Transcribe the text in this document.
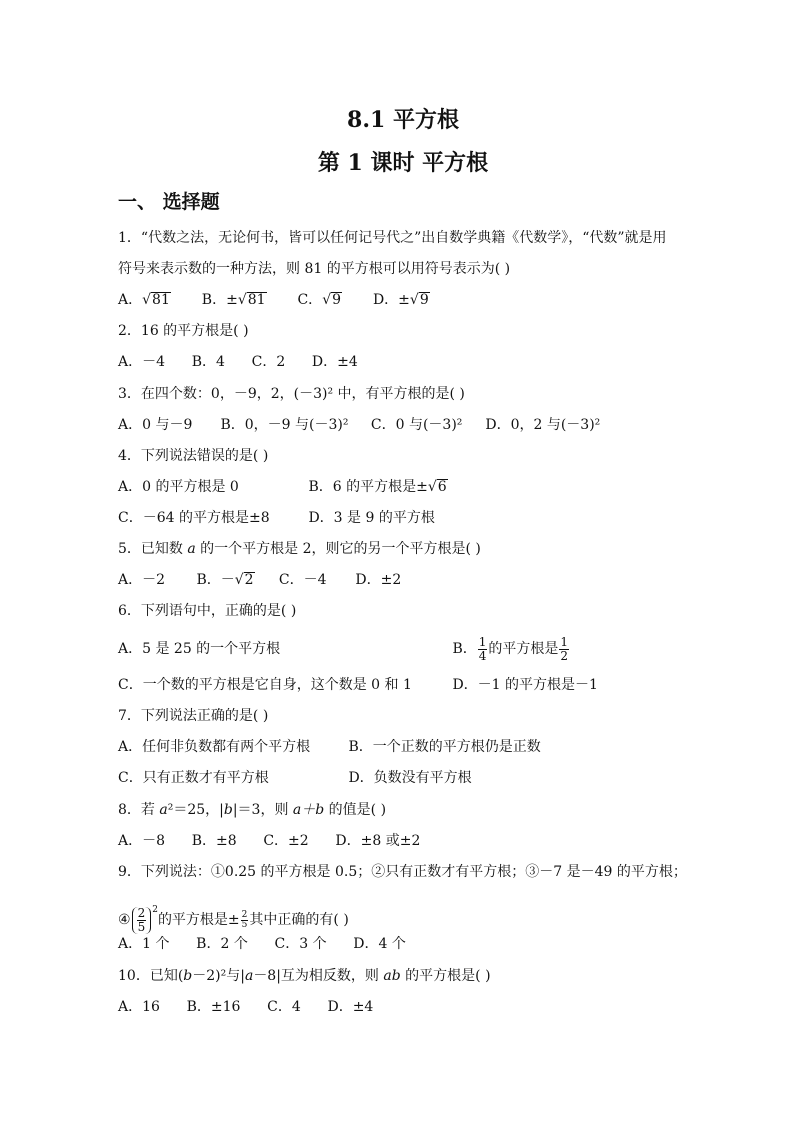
8.1 平方根
第 1 课时 平方根
一、 选择题
1．“代数之法，无论何书，皆可以任何记号代之”出自数学典籍《代数学》，“代数”就是用
符号来表示数的一种方法，则 81 的平方根可以用符号表示为( )
A．√81 B．±√81 C．√9 D．±√9
2．16 的平方根是( )
A．－4      B．4      C．2      D．±4
3．在四个数：0，－9，2，(－3)² 中，有平方根的是( )
A．0 与－9 B．0，－9 与(－3)² C．0 与(－3)² D．0，2 与(－3)²
4．下列说法错误的是( )
A．0 的平方根是 0	B．6 的平方根是±√6
C．－64 的平方根是±8	D．3 是 9 的平方根
5．已知数 a 的一个平方根是 2，则它的另一个平方根是( )
A．－2 B．－√2 C．－4 D．±2
6．下列语句中，正确的是( )
A．5 是 25 的一个平方根	B． $\frac{1}{4}$ 的平方根是 $\frac{1}{2}$
C．一个数的平方根是它自身，这个数是 0 和 1	D．－1 的平方根是－1
7．下列说法正确的是( )
A．任何非负数都有两个平方根	B．一个正数的平方根仍是正数
C．只有正数才有平方根	D．负数没有平方根
8．若 a²＝25，|b|＝3，则 a＋b 的值是( )
A．－8      B．±8      C．±2      D．±8 或±2
9．下列说法：①0.25 的平方根是 0.5；②只有正数才有平方根；③－7 是－49 的平方根；
④ $\frac{2}{5} ^2$的平方根是± $\frac{2}{5}$ 其中正确的有( )
A．1 个      B．2 个      C．3 个      D．4 个
10．已知(b－2)²与|a－8|互为相反数，则 ab 的平方根是( )
A．16      B．±16      C．4      D．±4
